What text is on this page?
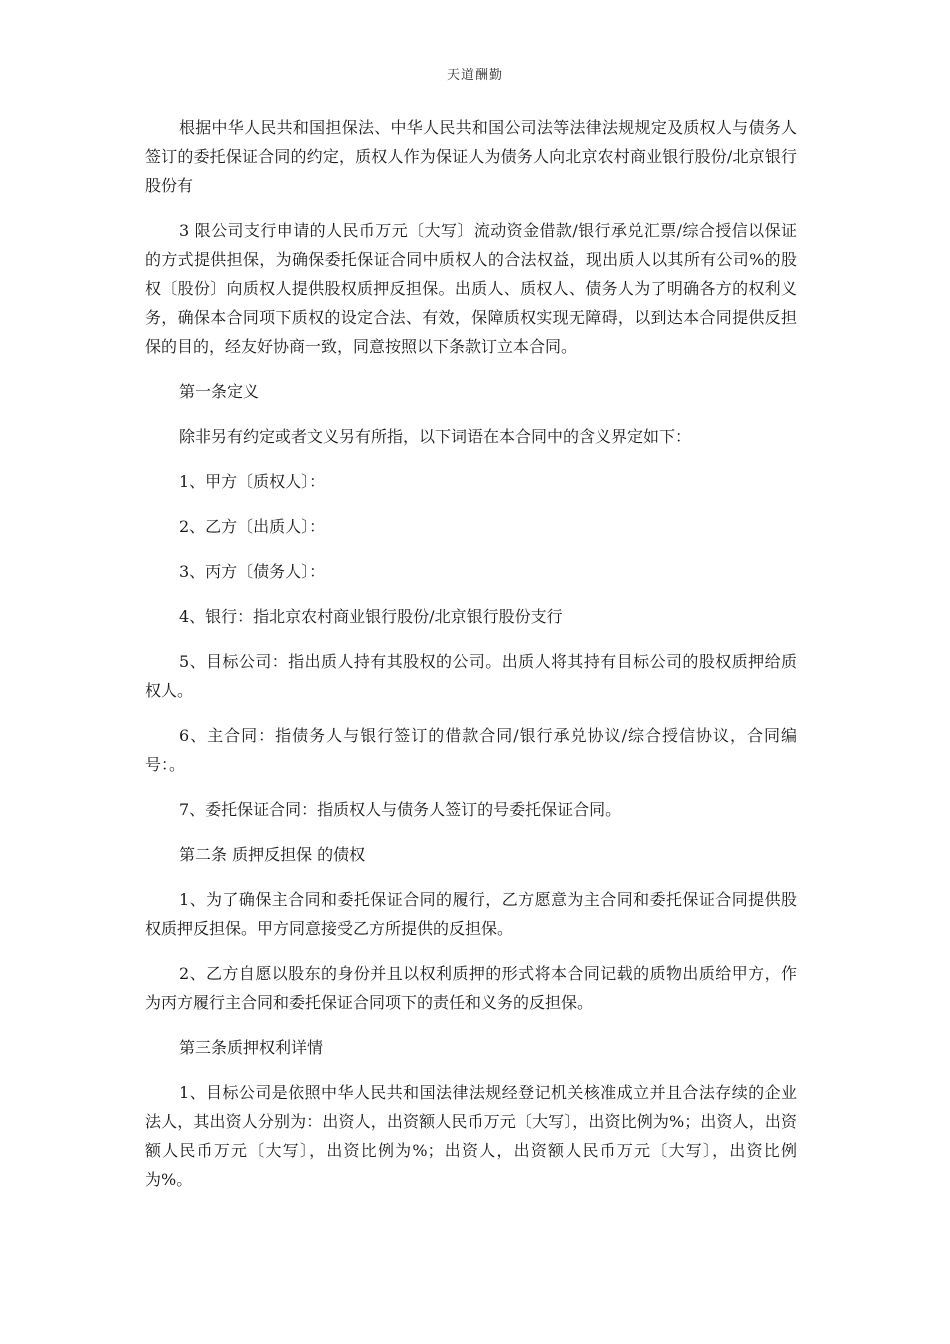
天道酬勤

根据中华人民共和国担保法、中华人民共和国公司法等法律法规规定及质权人与债务人签订的委托保证合同的约定，质权人作为保证人为债务人向北京农村商业银行股份/北京银行股份有

3 限公司支行申请的人民币万元〔大写〕流动资金借款/银行承兑汇票/综合授信以保证的方式提供担保，为确保委托保证合同中质权人的合法权益，现出质人以其所有公司%的股权〔股份〕向质权人提供股权质押反担保。出质人、质权人、债务人为了明确各方的权利义务，确保本合同项下质权的设定合法、有效，保障质权实现无障碍，以到达本合同提供反担保的目的，经友好协商一致，同意按照以下条款订立本合同。

第一条定义

除非另有约定或者文义另有所指，以下词语在本合同中的含义界定如下：

1、甲方〔质权人〕：

2、乙方〔出质人〕：

3、丙方〔债务人〕：

4、银行：指北京农村商业银行股份/北京银行股份支行

5、目标公司：指出质人持有其股权的公司。出质人将其持有目标公司的股权质押给质权人。

6、主合同：指债务人与银行签订的借款合同/银行承兑协议/综合授信协议，合同编号：。

7、委托保证合同：指质权人与债务人签订的号委托保证合同。

第二条 质押反担保 的债权

1、为了确保主合同和委托保证合同的履行，乙方愿意为主合同和委托保证合同提供股权质押反担保。甲方同意接受乙方所提供的反担保。

2、乙方自愿以股东的身份并且以权利质押的形式将本合同记载的质物出质给甲方，作为丙方履行主合同和委托保证合同项下的责任和义务的反担保。

第三条质押权利详情

1、目标公司是依照中华人民共和国法律法规经登记机关核准成立并且合法存续的企业法人，其出资人分别为：出资人，出资额人民币万元〔大写〕，出资比例为%；出资人，出资额人民币万元〔大写〕，出资比例为%；出资人，出资额人民币万元〔大写〕，出资比例为%。
